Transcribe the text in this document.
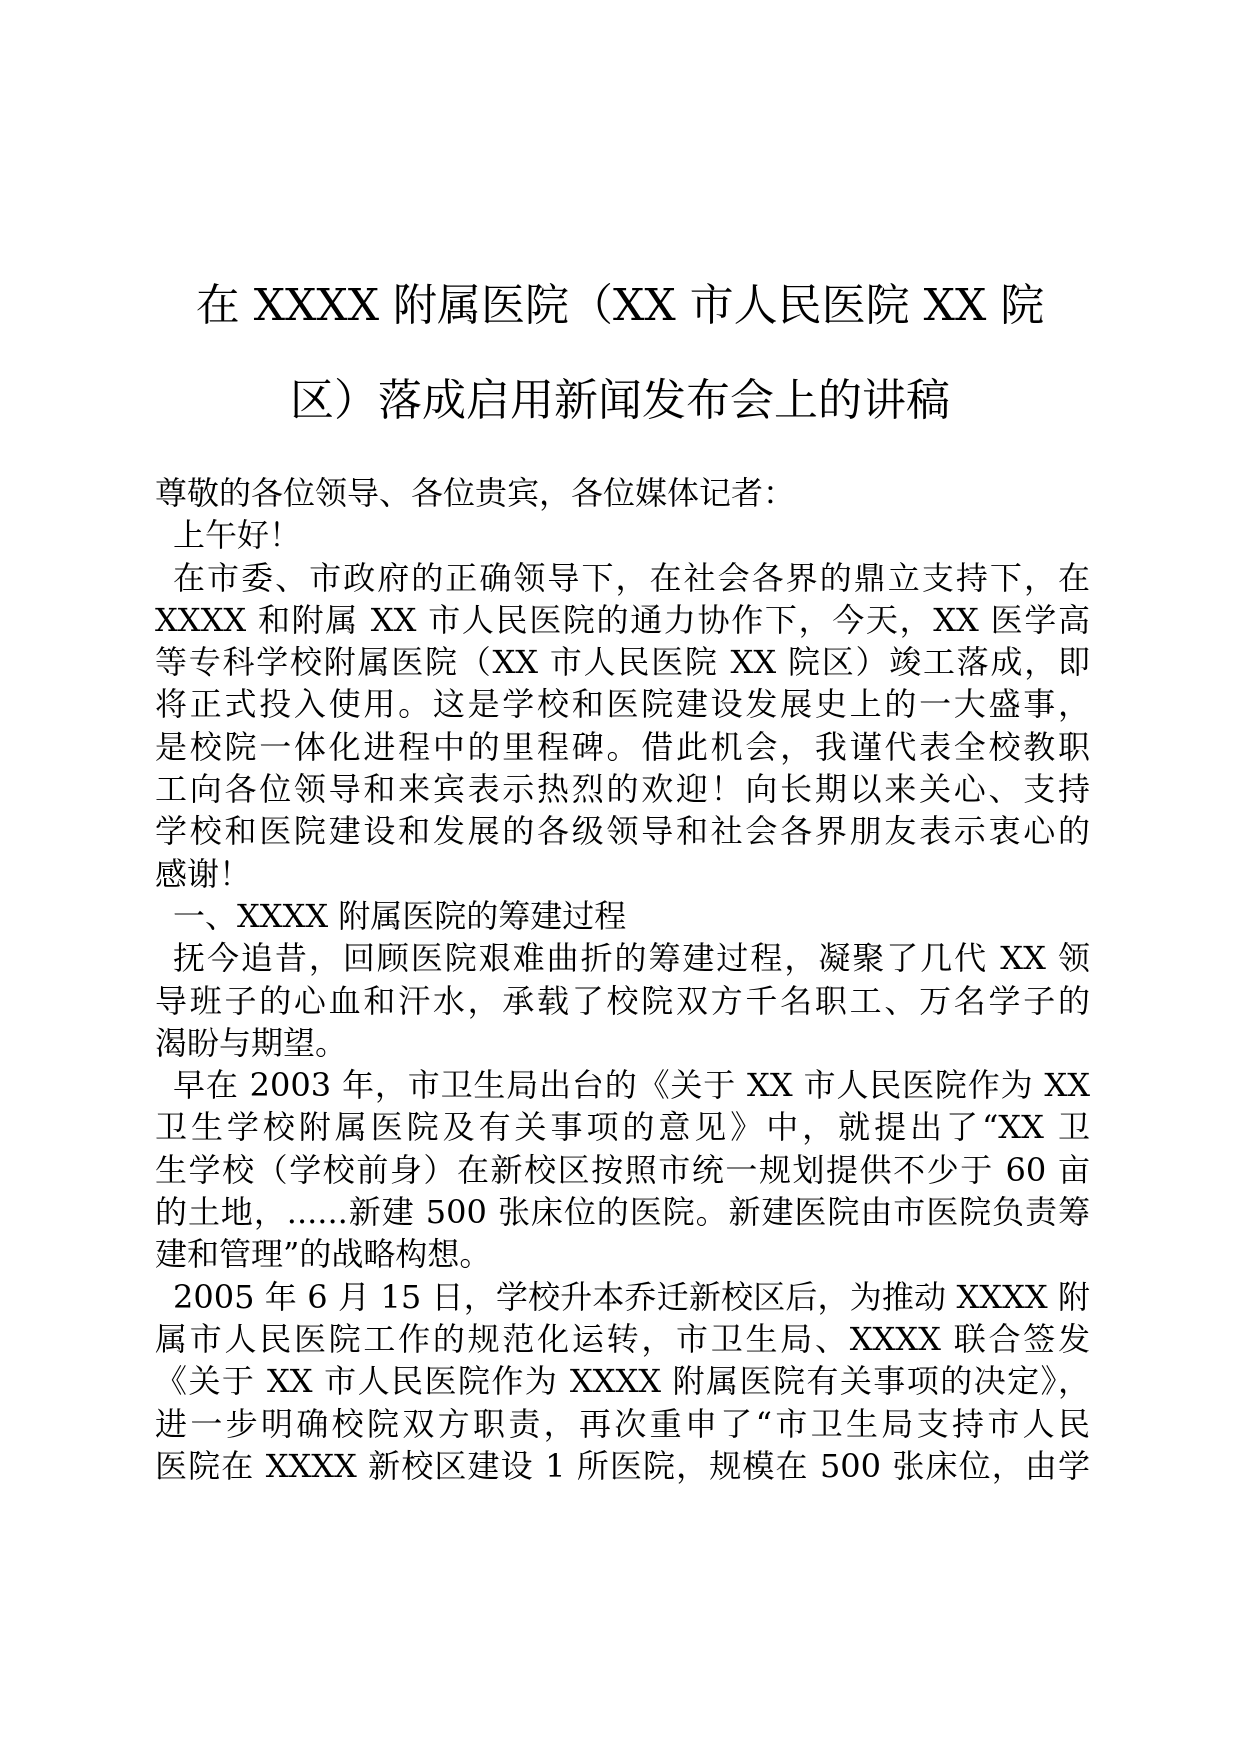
在 XXXX 附属医院（XX 市人民医院 XX 院
区）落成启用新闻发布会上的讲稿
尊敬的各位领导、各位贵宾，各位媒体记者：
上午好！
在市委、市政府的正确领导下，在社会各界的鼎立支持下，在
XXXX 和附属 XX 市人民医院的通力协作下，今天，XX 医学高
等专科学校附属医院（XX 市人民医院 XX 院区）竣工落成，即
将正式投入使用。这是学校和医院建设发展史上的一大盛事，
是校院一体化进程中的里程碑。借此机会，我谨代表全校教职
工向各位领导和来宾表示热烈的欢迎！向长期以来关心、支持
学校和医院建设和发展的各级领导和社会各界朋友表示衷心的
感谢！
一、XXXX 附属医院的筹建过程
抚今追昔，回顾医院艰难曲折的筹建过程，凝聚了几代 XX 领
导班子的心血和汗水，承载了校院双方千名职工、万名学子的
渴盼与期望。
早在 2003 年，市卫生局出台的《关于 XX 市人民医院作为 XX
卫生学校附属医院及有关事项的意见》中，就提出了“XX 卫
生学校（学校前身）在新校区按照市统一规划提供不少于 60 亩
的土地，......新建 500 张床位的医院。新建医院由市医院负责筹
建和管理”的战略构想。
2005 年 6 月 15 日，学校升本乔迁新校区后，为推动 XXXX 附
属市人民医院工作的规范化运转，市卫生局、XXXX 联合签发
《关于 XX 市人民医院作为 XXXX 附属医院有关事项的决定》，
进一步明确校院双方职责，再次重申了“市卫生局支持市人民
医院在 XXXX 新校区建设 1 所医院，规模在 500 张床位，由学
